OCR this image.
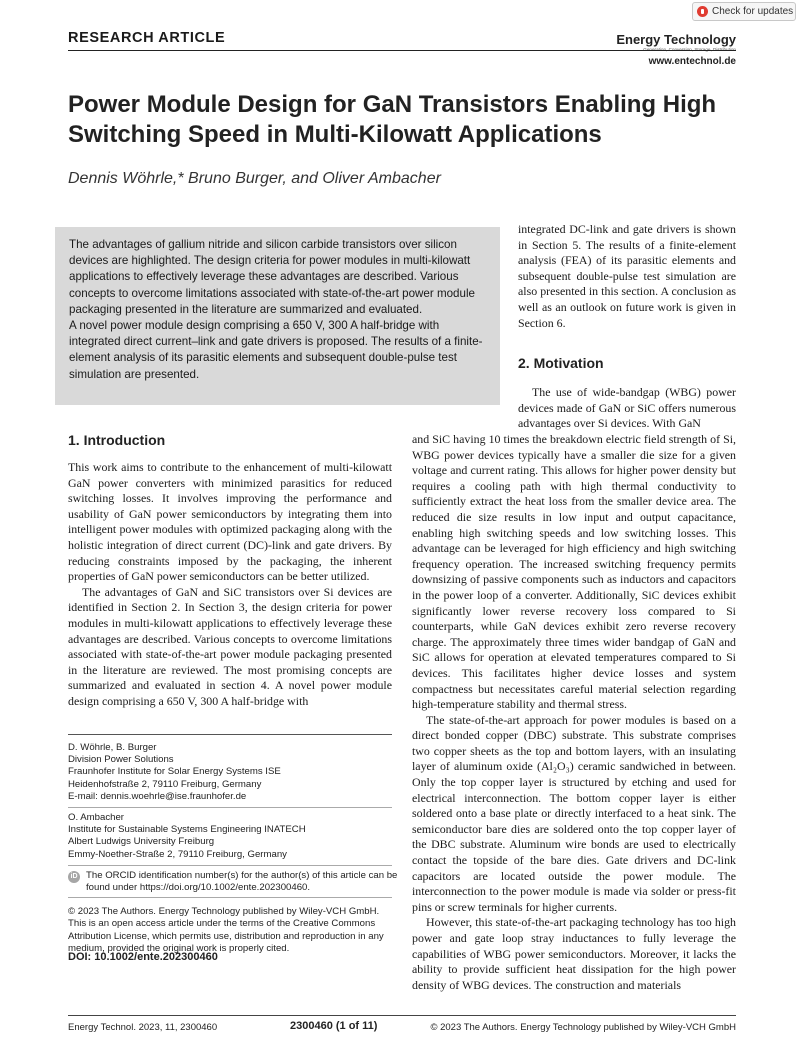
Check for updates
RESEARCH ARTICLE	Energy Technology
www.entechnol.de
Power Module Design for GaN Transistors Enabling High
Switching Speed in Multi-Kilowatt Applications
Dennis Wöhrle,* Bruno Burger, and Oliver Ambacher

The advantages of gallium nitride and silicon carbide transistors over silicon devices are highlighted. The design criteria for power modules in multi-kilowatt applications to effectively leverage these advantages are described. Various concepts to overcome limitations associated with state-of-the-art power module packaging presented in the literature are summarized and evaluated.

A novel power module design comprising a 650 V, 300 A half-bridge with integrated direct current–link and gate drivers is proposed. The results of a finite-element analysis of its parasitic elements and subsequent double-pulse test simulation are presented.

integrated DC-link and gate drivers is shown in Section 5. The results of a finite-element analysis (FEA) of its parasitic elements and subsequent double-pulse test simulation are also presented in this section. A conclusion as well as an outlook on future work is given in Section 6.

2. Motivation

The use of wide-bandgap (WBG) power devices made of GaN or SiC offers numerous advantages over Si devices. With GaN

and SiC having 10 times the breakdown electric field strength of Si, WBG power devices typically have a smaller die size for a given voltage and current rating. This allows for higher power density but requires a cooling path with high thermal conductivity to sufficiently extract the heat loss from the smaller device area. The reduced die size results in low input and output capacitance, enabling high switching speeds and low switching losses. This advantage can be leveraged for high efficiency and high switching frequency operation. The increased switching frequency permits downsizing of passive components such as inductors and capacitors in the power loop of a converter. Additionally, SiC devices exhibit significantly lower reverse recovery loss compared to Si counterparts, while GaN devices exhibit zero reverse recovery charge. The approximately three times wider bandgap of GaN and SiC allows for operation at elevated temperatures compared to Si devices. This facilitates higher device losses and system compactness but necessitates careful material selection regarding high-temperature stability and thermal stress.

The state-of-the-art approach for power modules is based on a direct bonded copper (DBC) substrate. This substrate comprises two copper sheets as the top and bottom layers, with an insulating layer of aluminum oxide (Al₂O₃) ceramic sandwiched in between. Only the top copper layer is structured by etching and used for electrical interconnection. The bottom copper layer is either soldered onto a base plate or directly interfaced to a heat sink. The semiconductor bare dies are soldered onto the top copper layer of the DBC substrate. Aluminum wire bonds are used to electrically contact the topside of the bare dies. Gate drivers and DC-link capacitors are located outside the power module. The interconnection to the power module is made via solder or press-fit pins or screw terminals for higher currents.

However, this state-of-the-art packaging technology has too high power and gate loop stray inductances to fully leverage the capabilities of WBG power semiconductors. Moreover, it lacks the ability to provide sufficient heat dissipation for the high power density of WBG devices. The construction and materials

1. Introduction

This work aims to contribute to the enhancement of multi-kilowatt GaN power converters with minimized parasitics for reduced switching losses. It involves improving the performance and usability of GaN power semiconductors by integrating them into intelligent power modules with optimized packaging along with the holistic integration of direct current (DC)-link and gate drivers. By reducing constraints imposed by the packaging, the inherent properties of GaN power semiconductors can be better utilized.

The advantages of GaN and SiC transistors over Si devices are identified in Section 2. In Section 3, the design criteria for power modules in multi-kilowatt applications to effectively leverage these advantages are described. Various concepts to overcome limitations associated with state-of-the-art power module packaging presented in the literature are reviewed. The most promising concepts are summarized and evaluated in section 4. A novel power module design comprising a 650 V, 300 A half-bridge with

D. Wöhrle, B. Burger
Division Power Solutions
Fraunhofer Institute for Solar Energy Systems ISE
Heidenhofstraße 2, 79110 Freiburg, Germany
E-mail: dennis.woehrle@ise.fraunhofer.de
O. Ambacher
Institute for Sustainable Systems Engineering INATECH
Albert Ludwigs University Freiburg
Emmy-Noether-Straße 2, 79110 Freiburg, Germany
iD The ORCID identification number(s) for the author(s) of this article can be found under https://doi.org/10.1002/ente.202300460.
© 2023 The Authors. Energy Technology published by Wiley-VCH GmbH. This is an open access article under the terms of the Creative Commons Attribution License, which permits use, distribution and reproduction in any medium, provided the original work is properly cited.
DOI: 10.1002/ente.202300460
Energy Technol. 2023, 11, 2300460	2300460 (1 of 11)	© 2023 The Authors. Energy Technology published by Wiley-VCH GmbH
